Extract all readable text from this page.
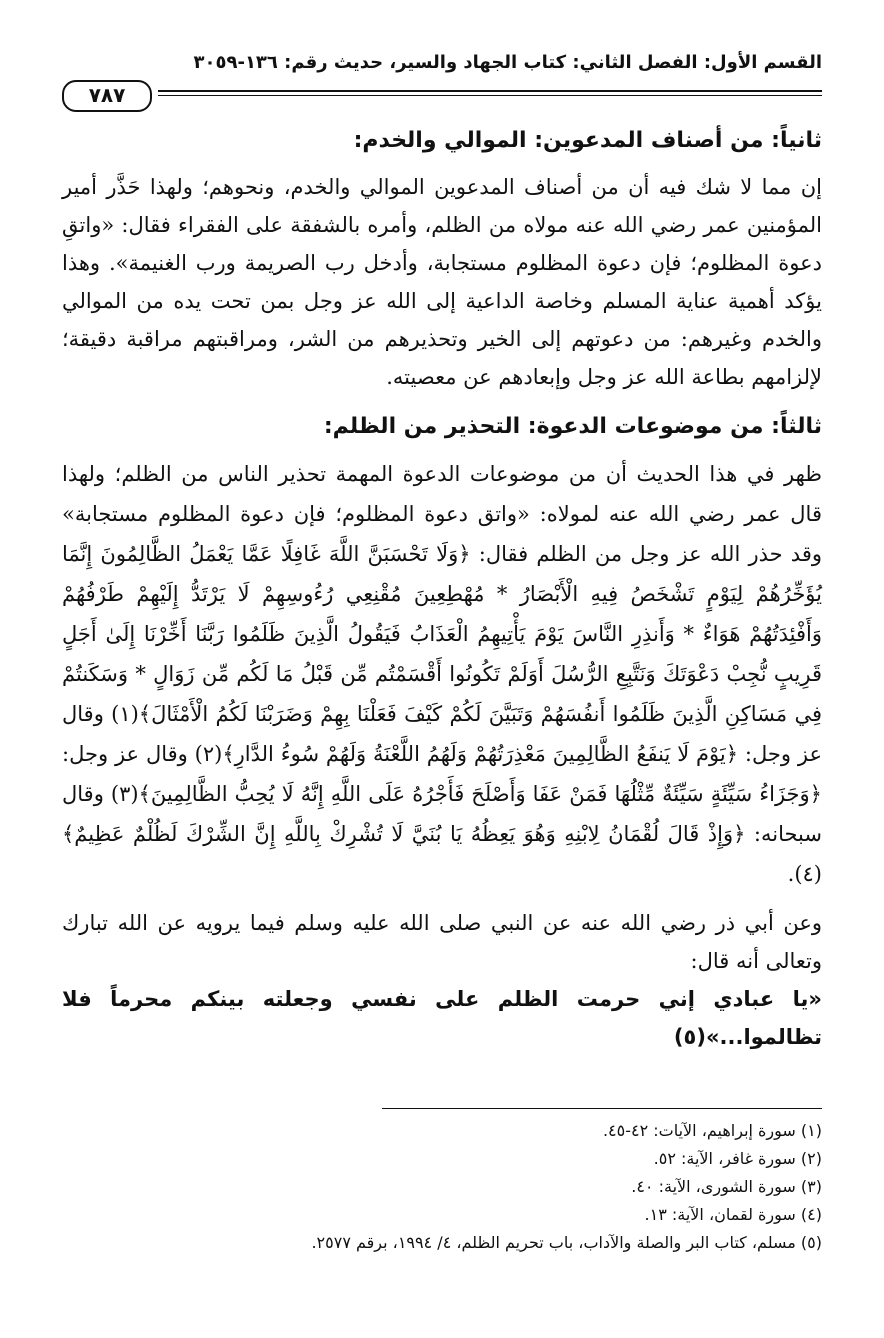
القسم الأول: الفصل الثاني: كتاب الجهاد والسير، حديث رقم: ١٣٦-٣٠٥٩
٧٨٧
ثانياً: من أصناف المدعوين: الموالي والخدم:

إن مما لا شك فيه أن من أصناف المدعوين الموالي والخدم، ونحوهم؛ ولهذا حَذَّر أمير المؤمنين عمر رضي الله عنه مولاه من الظلم، وأمره بالشفقة على الفقراء فقال: «واتقِ دعوة المظلوم؛ فإن دعوة المظلوم مستجابة، وأدخل رب الصريمة ورب الغنيمة». وهذا يؤكد أهمية عناية المسلم وخاصة الداعية إلى الله عز وجل بمن تحت يده من الموالي والخدم وغيرهم: من دعوتهم إلى الخير وتحذيرهم من الشر، ومراقبتهم مراقبة دقيقة؛ لإلزامهم بطاعة الله عز وجل وإبعادهم عن معصيته.

ثالثاً: من موضوعات الدعوة: التحذير من الظلم:

ظهر في هذا الحديث أن من موضوعات الدعوة المهمة تحذير الناس من الظلم؛ ولهذا قال عمر رضي الله عنه لمولاه: «واتق دعوة المظلوم؛ فإن دعوة المظلوم مستجابة» وقد حذر الله عز وجل من الظلم فقال: ﴿وَلَا تَحْسَبَنَّ اللَّهَ غَافِلًا عَمَّا يَعْمَلُ الظَّالِمُونَ إِنَّمَا يُؤَخِّرُهُمْ لِيَوْمٍ تَشْخَصُ فِيهِ الْأَبْصَارُ * مُهْطِعِينَ مُقْنِعِي رُءُوسِهِمْ لَا يَرْتَدُّ إِلَيْهِمْ طَرْفُهُمْ وَأَفْئِدَتُهُمْ هَوَاءٌ * وَأَنذِرِ النَّاسَ يَوْمَ يَأْتِيهِمُ الْعَذَابُ فَيَقُولُ الَّذِينَ ظَلَمُوا رَبَّنَا أَخِّرْنَا إِلَىٰ أَجَلٍ قَرِيبٍ نُّجِبْ دَعْوَتَكَ وَنَتَّبِعِ الرُّسُلَ أَوَلَمْ تَكُونُوا أَقْسَمْتُم مِّن قَبْلُ مَا لَكُم مِّن زَوَالٍ * وَسَكَنتُمْ فِي مَسَاكِنِ الَّذِينَ ظَلَمُوا أَنفُسَهُمْ وَتَبَيَّنَ لَكُمْ كَيْفَ فَعَلْنَا بِهِمْ وَضَرَبْنَا لَكُمُ الْأَمْثَالَ﴾(١) وقال عز وجل: ﴿يَوْمَ لَا يَنفَعُ الظَّالِمِينَ مَعْذِرَتُهُمْ وَلَهُمُ اللَّعْنَةُ وَلَهُمْ سُوءُ الدَّارِ﴾(٢) وقال عز وجل: ﴿وَجَزَاءُ سَيِّئَةٍ سَيِّئَةٌ مِّثْلُهَا فَمَنْ عَفَا وَأَصْلَحَ فَأَجْرُهُ عَلَى اللَّهِ إِنَّهُ لَا يُحِبُّ الظَّالِمِينَ﴾(٣) وقال سبحانه: ﴿وَإِذْ قَالَ لُقْمَانُ لِابْنِهِ وَهُوَ يَعِظُهُ يَا بُنَيَّ لَا تُشْرِكْ بِاللَّهِ إِنَّ الشِّرْكَ لَظُلْمٌ عَظِيمٌ﴾(٤).

وعن أبي ذر رضي الله عنه عن النبي صلى الله عليه وسلم فيما يرويه عن الله تبارك وتعالى أنه قال:

«يا عبادي إني حرمت الظلم على نفسي وجعلته بينكم محرماً فلا تظالموا...»(٥)

(١) سورة إبراهيم، الآيات: ٤٢-٤٥.
(٢) سورة غافر، الآية: ٥٢.
(٣) سورة الشورى، الآية: ٤٠.
(٤) سورة لقمان، الآية: ١٣.
(٥) مسلم، كتاب البر والصلة والآداب، باب تحريم الظلم، ٤/ ١٩٩٤، برقم ٢٥٧٧.
